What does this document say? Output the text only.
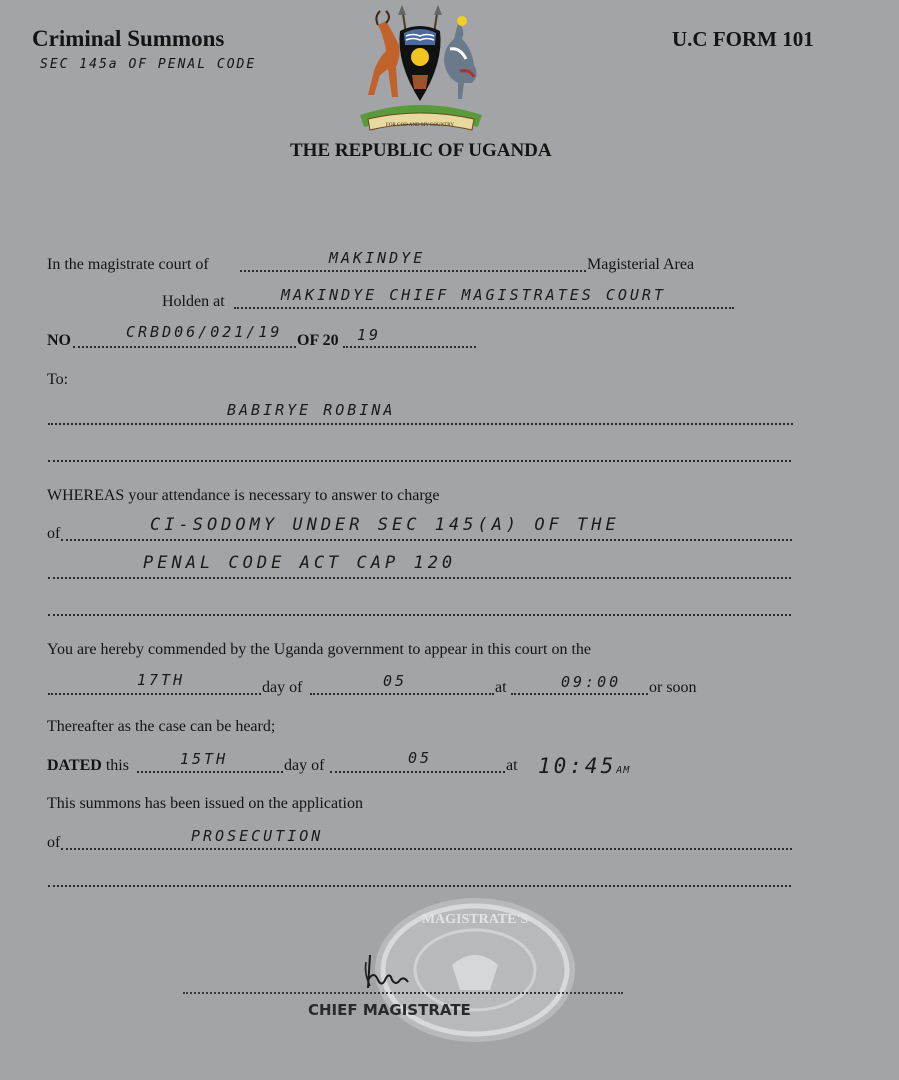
Criminal Summons
SEC 145a OF PENAL CODE
U.C FORM 101
FOR GOD AND MY COUNTRY
THE REPUBLIC OF UGANDA
In the magistrate court of	MAKINDYE	Magisterial Area
Holden at	MAKINDYE CHIEF MAGISTRATES COURT
NO	CRBD06/021/19 OF 20 19
To:
BABIRYE ROBINA
WHEREAS your attendance is necessary to answer to charge
of	CI-SODOMY UNDER SEC 145(A) OF THE
PENAL CODE ACT CAP 120
You are hereby commended by the Uganda government to appear in this court on the
17TH	day of	05	at	09:00 or soon
Thereafter as the case can be heard;
DATED this	15TH	day of	05	at 10:45AM
This summons has been issued on the application
of	PROSECUTION
MAGISTRATE'S
CHIEF MAGISTRATE
